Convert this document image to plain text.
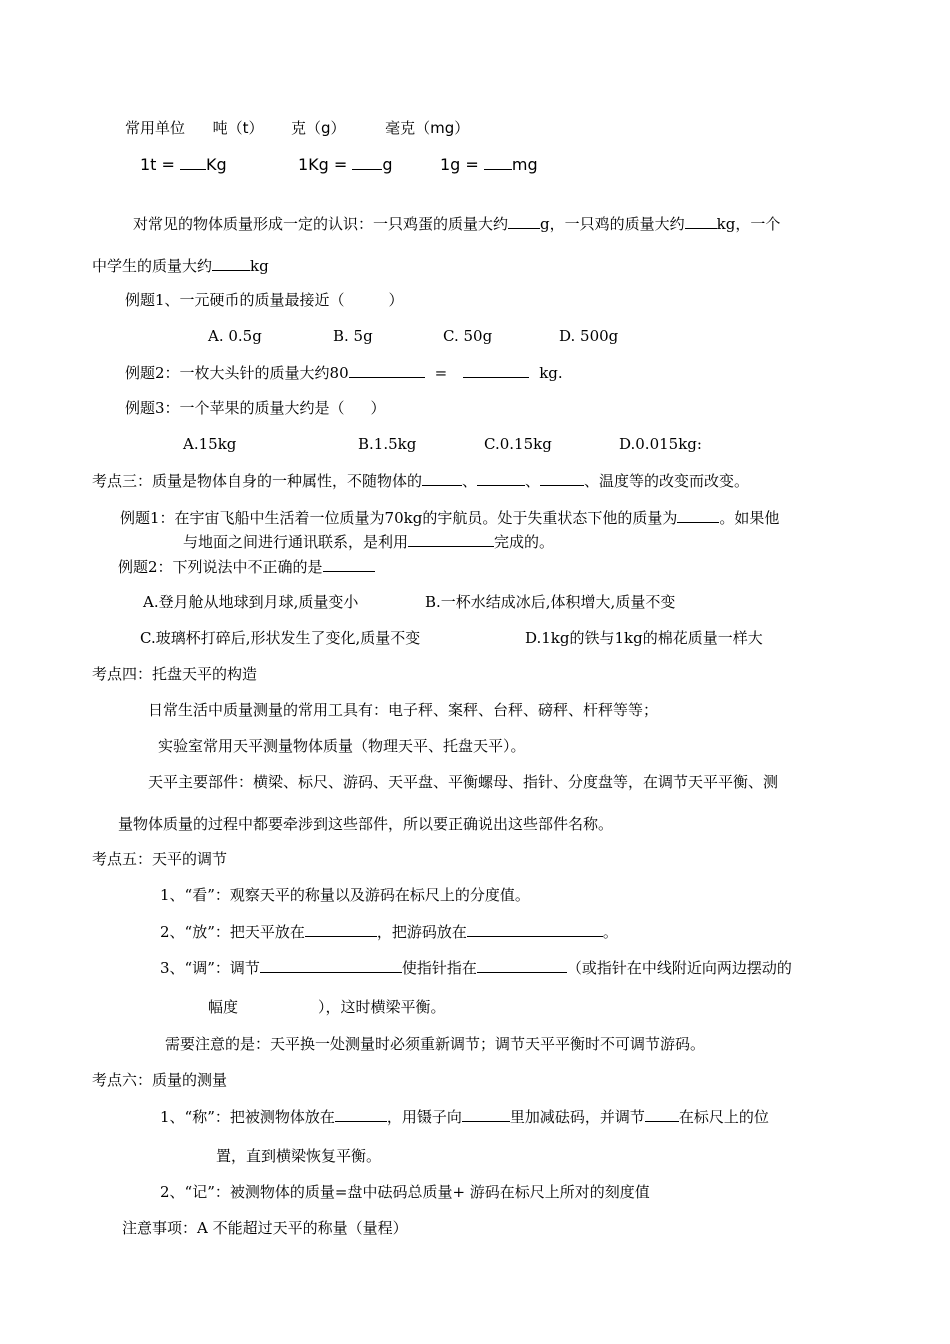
常用单位 吨（t） 克（g）	毫克（mg）
1t = Kg	1Kg = g	1g = mg
对常见的物体质量形成一定的认识：一只鸡蛋的质量大约 g，一只鸡的质量大约 kg，一个
中学生的质量大约	kg
例题1、一元硬币的质量最接近（	）
A. 0.5g	B. 5g	C. 50g	D. 500g
例题2：一枚大头针的质量大约80	=	kg.
例题3：一个苹果的质量大约是（ ）
A.15kg	B.1.5kg	C.0.15kg	D.0.015kg:
考点三：质量是物体自身的一种属性，不随物体的	、	、	、温度等的改变而改变。
例题1：在宇宙飞船中生活着一位质量为70kg的宇航员。处于失重状态下他的质量为	。如果他
与地面之间进行通讯联系，是利用	完成的。
例题2：下列说法中不正确的是
A.登月舱从地球到月球,质量变小	B.一杯水结成冰后,体积增大,质量不变
C.玻璃杯打碎后,形状发生了变化,质量不变	D.1kg的铁与1kg的棉花质量一样大
考点四：托盘天平的构造
日常生活中质量测量的常用工具有：电子秤、案秤、台秤、磅秤、杆秤等等；
实验室常用天平测量物体质量（物理天平、托盘天平）。
天平主要部件：横梁、标尺、游码、天平盘、平衡螺母、指针、分度盘等，在调节天平平衡、测
量物体质量的过程中都要牵涉到这些部件，所以要正确说出这些部件名称。
考点五：天平的调节
1、“看”：观察天平的称量以及游码在标尺上的分度值。
2、“放”：把天平放在	，把游码放在	。
3、“调”：调节	使指针指在	（或指针在中线附近向两边摆动的
幅度	），这时横梁平衡。
需要注意的是：天平换一处测量时必须重新调节；调节天平平衡时不可调节游码。
考点六：质量的测量
1、“称”：把被测物体放在	，用镊子向	里加减砝码，并调节 在标尺上的位
置，直到横梁恢复平衡。
2、“记”：被测物体的质量=盘中砝码总质量+ 游码在标尺上所对的刻度值
注意事项：A 不能超过天平的称量（量程）
